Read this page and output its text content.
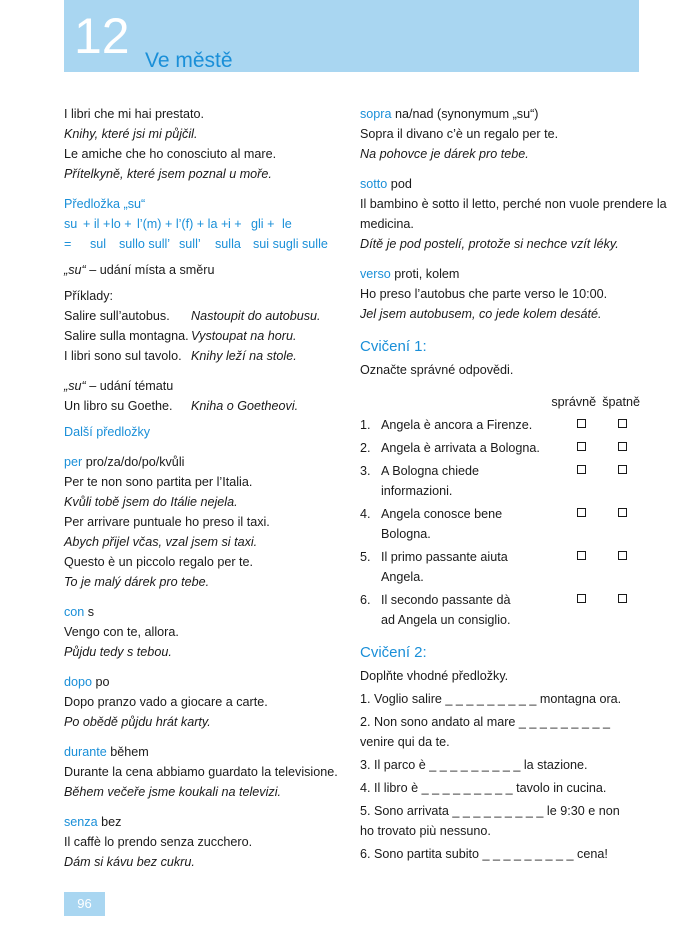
12 Ve městě
I libri che mi hai prestato.
Knihy, které jsi mi půjčil.
Le amiche che ho conosciuto al mare.
Přítelkyně, které jsem poznal u moře.
Předložka „su“
su + il + lo + l’(m) + l’(f) + la + i + gli + le
= sul sullo sull’ sull’ sulla sui sugli sulle
„su“ – udání místa a směru
Příklady:
Salire sull’autobus.	Nastoupit do autobusu.
Salire sulla montagna. Vystoupat na horu.
I libri sono sul tavolo. Knihy leží na stole.
„su“ – udání tématu
Un libro su Goethe.	Kniha o Goetheovi.
Další předložky
per pro/za/do/po/kvůli
Per te non sono partita per l’Italia.
Kvůli tobě jsem do Itálie nejela.
Per arrivare puntuale ho preso il taxi.
Abych přijel včas, vzal jsem si taxi.
Questo è un piccolo regalo per te.
To je malý dárek pro tebe.
con s
Vengo con te, allora.
Půjdu tedy s tebou.
dopo po
Dopo pranzo vado a giocare a carte.
Po obědě půjdu hrát karty.
durante během
Durante la cena abbiamo guardato la televisione.
Během večeře jsme koukali na televizi.
senza bez
Il caffè lo prendo senza zucchero.
Dám si kávu bez cukru.
sopra na/nad (synonymum „su“)
Sopra il divano c’è un regalo per te.
Na pohovce je dárek pro tebe.
sotto pod
Il bambino è sotto il letto, perché non vuole prendere la
medicina.
Dítě je pod postelí, protože si nechce vzít léky.
verso proti, kolem
Ho preso l’autobus che parte verso le 10:00.
Jel jsem autobusem, co jede kolem desáté.
Cvičení 1:
Označte správné odpovědi.
správně špatně
1. Angela è ancora a Firenze.
2. Angela è arrivata a Bologna.
3. A Bologna chiede
informazioni.
4. Angela conosce bene
Bologna.
5. Il primo passante aiuta
Angela.
6. Il secondo passante dà
ad Angela un consiglio.
Cvičení 2:
Doplňte vhodné předložky.
1. Voglio salire _ _ _ _ _ _ _ _ _ montagna ora.
2. Non sono andato al mare _ _ _ _ _ _ _ _ _
venire qui da te.
3. Il parco è _ _ _ _ _ _ _ _ _ la stazione.
4. Il libro è _ _ _ _ _ _ _ _ _ tavolo in cucina.
5. Sono arrivata _ _ _ _ _ _ _ _ _ le 9:30 e non
ho trovato più nessuno.
6. Sono partita subito _ _ _ _ _ _ _ _ _ cena!
96
